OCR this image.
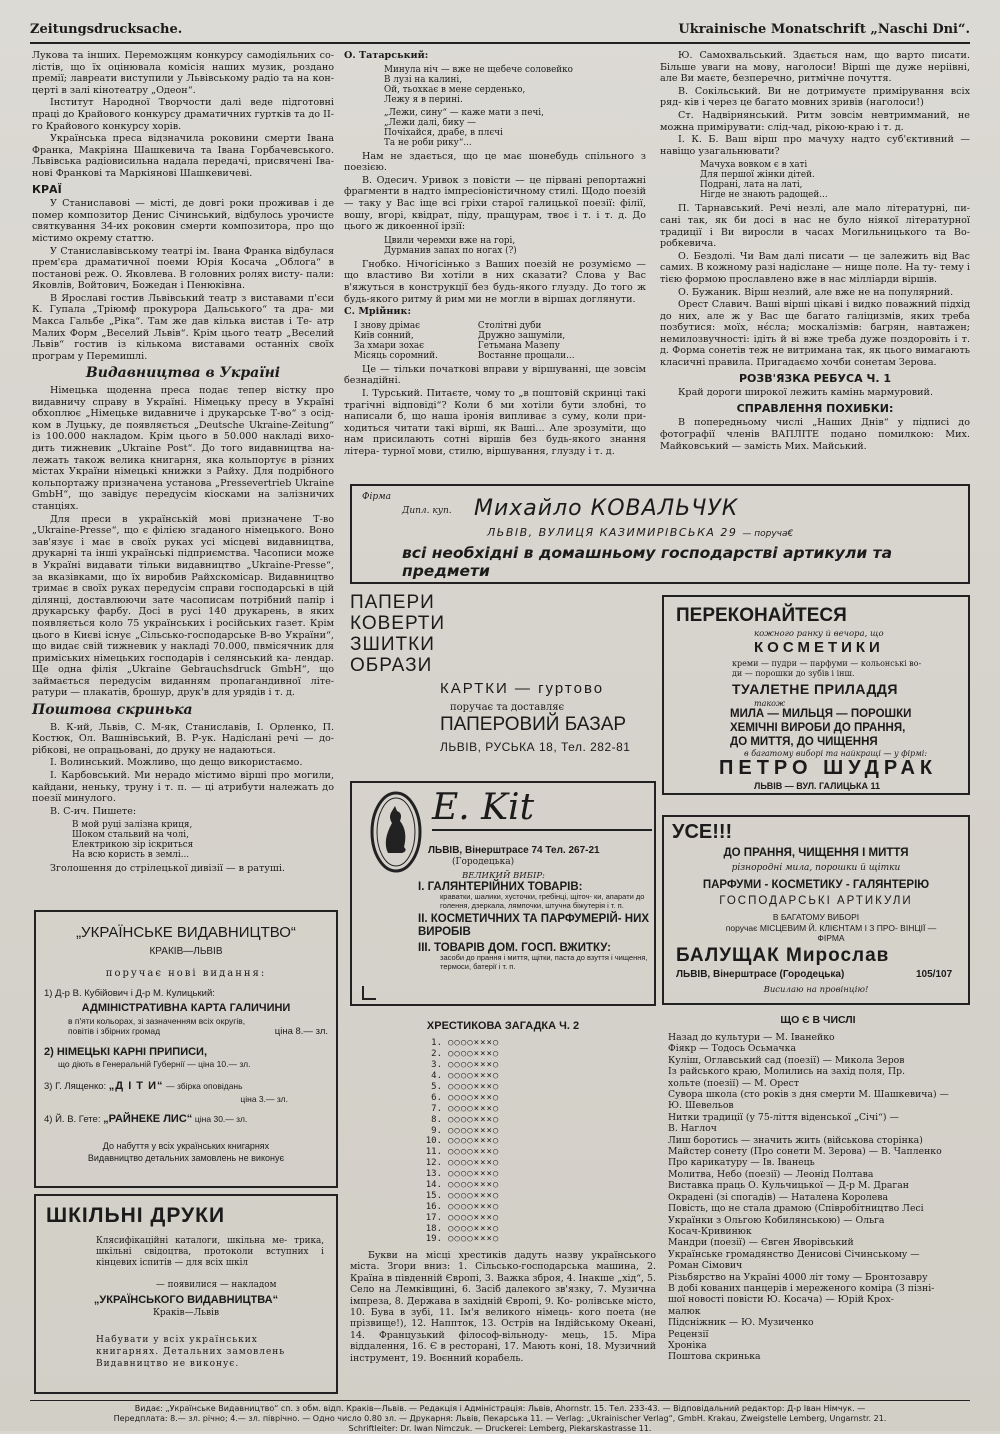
Zeitungsdrucksache.	Ukrainische Monatschrift „Naschi Dni“.

Лукова та інших. Переможцям конкурсу самодіяльних со- лістів, що їх оцінювала комісія наших музик, роздано премії; лавреати виступили у Львівському радіо та на кон- церті в залі кінотеатру „Одеон“.

Інститут Народної Творчости далі веде підготовні праці до Крайового конкурсу драматичних гуртків та до II-го Крайового конкурсу хорів.

Українська преса відзначила роковини смерти Івана Франка, Макріяна Шашкевича та Івана Горбачевського. Львівська радіовисильна надала передачі, присвячені Іва- нові Франкові та Маркіянові Шашкевичеві.

КРАЇ

У Станиславові — місті, де довгі роки проживав і де помер композитор Денис Січинський, відбулось урочисте святкування 34-их роковин смерти композитора, про що містимо окрему статтю.

У Станиславівському театрі ім. Івана Франка відбулася прем'єра драматичної поеми Юрія Косача „Облога“ в постанові реж. О. Яковлева. В головних ролях висту- пали: Яковлів, Войтович, Божедан і Пенюківна.

В Ярославі гостив Львівський театр з виставами п'єси К. Гупала „Тріюмф прокурора Дальського“ та дра- ми Макса Гальбе „Ріка“. Там же дав кілька вистав і Те- атр Малих Форм „Веселий Львів“. Крім цього театр „Веселий Львів“ гостив із кількома виставами останніх своїх програм у Перемишлі.

Видавництва в Україні

Німецька щоденна преса подає тепер вістку про видавничу справу в Україні. Німецьку пресу в Україні обхоплює „Німецьке видавниче і друкарське Т-во“ з осід- ком в Луцьку, де появляється „Deutsche Ukraine-Zeitung“ із 100.000 накладом. Крім цього в 50.000 накладі вихо- дить тижневик „Ukraine Post“. До того видавництва на- лежать також велика книгарня, яка кольпортує в різних містах України німецькі книжки з Райху. Для подрібного кольпортажу призначена установа „Pressevertrieb Ukraine GmbH“, що завідує передусім кіосками на залізничих станціях.

Для преси в українській мові призначене Т-во „Ukraine-Presse“, що є філією згаданого німецького. Воно зав'язує і має в своїх руках усі місцеві видавництва, друкарні та інші українські підприємства. Часописи може в Україні видавати тільки видавництво „Ukraine-Presse“, за вказівками, що їх виробив Райхскомісар. Видавництво тримає в своїх руках передусім справи господарські в цій ділянці, доставлюючи зате часописам потрібний папір і друкарську фарбу. Досі в русі 140 друкарень, в яких появляється коло 75 українських і російських газет. Крім цього в Києві існує „Сільсько-господарське В-во України“, що видає свій тижневик у накладі 70.000, пвмісячник для приміських німецьких господарів і селянський ка- лендар. Ще одна філія „Ukraine Gebrauchsdruck GmbH“, що займається передусім виданням пропагандивної літе- ратури — плакатів, брошур, друк'в для урядів і т. д.

Поштова скринька

В. К-ий, Львів, С. М-як, Станиславів, І. Орленко, П. Костюк, Ол. Вашнівський, В. Р-ук. Надіслані речі — до- рібкові, не опрацьовані, до друку не надаються.

І. Волинський. Можливо, що дещо використаємо.

І. Карбовський. Ми нерадо містимо вірші про могили, кайдани, неньку, труну і т. п. — ці атрибути належать до поезії минулого.

В. С-ич. Пишете:

В мой руці залізна криця,
Шоком стальвий на чолі,
Електрикою зір іскриться
На всю користь в землі...

Зголошення до стрілецької дивізії — в ратуші.

О. Татарський:

Минула ніч — вже не щебече соловейко
В лузі на калині,
Ой, тьохкає в мене серденько,
Лежу я в перині.
„Лежи, сину“ — каже мати з печі,
„Лежи далі, бику —
Почіхайся, драбе, в плєчі
Та не роби рику“...

Нам не здається, що це має шонебудь спільного з поезією.

В. Одесич. Уривок з повісти — це пірвані репортажні фрагменти в надто імпресіоністичному стилі. Щодо поезій — таку у Вас іще всі гріхи старої галицької поезії: філії, вошу, вгорі, квідрат, піду, пращурам, твоє і т. і т. д. До цього ж дикоенної ірзії:

Цвили черемхи вже на горі,
Дурманив запах по ногах (?)

Гнобко. Нічогісінько з Ваших поезій не розуміємо — що властиво Ви хотіли в них сказати? Слова у Вас в'яжуться в конструкції без будь-якого глузду. До того ж будь-якого ритму й рим ми не могли в віршах доглянути.

С. Мрійник:

І знову дрімає
Київ сонний,
За хмари зохає
Місяць соромний.
Столітні дуби
Дружно зашуміли,
Гетьмана Мазепу
Востанне прощали...

Це — тільки початкові вправи у віршуванні, ще зовсім безнадійні.

І. Турський. Питаєте, чому то „в поштовій скринці такі трагічні відповіді“? Коли б ми хотіли бути злобні, то написали б, що наша іронія випливає з суму, коли при- ходиться читати такі вірші, як Ваші... Але зрозуміти, що нам присилають сотні віршів без будь-якого знання літера- турної мови, стилю, віршування, глузду і т. д.

Ю. Самохвальський. Здається нам, що варто писати. Більше уваги на мову, наголоси! Вірші ще дуже неріівні, але Ви маєте, безперечно, ритмічне почуття.

В. Сокільський. Ви не дотримуєте примірування всіх ряд- ків і через це багато мовних зривів (наголоси!)

Ст. Надвірнянський. Ритм зовсім невтримманий, не можна примірувати: слід-чад, рікою-краю і т. д.

І. К. Б. Ваш вірш про мачуху надто суб'єктивний — навіщо узагальнювати?

Мачуха вовком є в хаті
Для першої жінки дітей.
Подрані, лата на латі,
Нігде не знають радощей...

П. Тарнавський. Речі незлі, але мало літературні, пи- сані так, як би досі в нас не було ніякої літературної традиції і Ви виросли в часах Могильницького та Во- робкевича.

О. Бездолі. Чи Вам далі писати — це залежить від Вас самих. В кожному разі надіслане — нище поле. На ту- тему і тією формою прославлено вже в нас мілліарди віршів.

О. Бужаник. Вірш незлий, але вже не на популярний.

Орест Славич. Ваші вірші цікаві і видко поважний підхід до них, але ж у Вас ще багато галіцизмів, яких треба позбутися: моїх, нє́сла; москалізмів: багрян, навтажен; немилозвучності: ідіть й ві вже треба дуже поздоровіть і т. д. Форма сонетів теж не витримана так, як цього вимагають класичні правила. Пригадаємо хочби сонетам Зерова.

РОЗВ'ЯЗКА РЕБУСА Ч. 1

Край дороги широкої лежить камінь мармуровий.

СПРАВЛЕННЯ ПОХИБКИ:

В попередньому числі „Наших Днів“ у підписі до фотографії членів ВАПЛІТЕ подано помилкою: Мих. Майковський — замість Мих. Майський.

Фірма
Дипл. куп. Михайло КОВАЛЬЧУК
ЛЬВІВ, ВУЛИЦЯ КАЗИМИРІВСЬКА 29 — поруча€
всі необхідні в домашньому господарстві артикули та предмети
ПАПЕРИ
КОВЕРТИ
ЗШИТКИ
ОБРАЗИ
КАРТКИ — гуртово
поручає та доставляє
ПАПЕРОВИЙ БАЗАР
ЛЬВІВ, РУСЬКА 18, Тел. 282-81
ПЕРЕКОНАЙТЕСЯ
кожного ранку й вечора, що
КОСМЕТИКИ
креми — пудри — парфуми — кольонські во-
ди — порошки до зубів і інш.
ТУАЛЕТНЕ ПРИЛАДДЯ
також
МИЛА — МИЛЬЦЯ — ПОРОШКИ
ХЕМІЧНІ ВИРОБИ ДО ПРАННЯ,
ДО МИТТЯ, ДО ЧИЩЕННЯ
в багатому виборі та найкращі — у фірмі:
ПЕТРО ШУДРАК
ЛЬВІВ — ВУЛ. ГАЛИЦЬКА 11
E. Kit
ЛЬВІВ, Вінерштрасе 74 Тел. 267-21
(Городецька)
ВЕЛИКИЙ ВИБІР:
І. ГАЛЯНТЕРІЙНИХ ТОВАРІВ:
краватки, шалики, хусточки, гребінці, щіточ- ки, апарати до голення, дзеркала, лямпочки, штучна біжутерія і т. п.
ІІ. КОСМЕТИЧНИХ ТА ПАРФУМЕРІЙ- НИХ ВИРОБІВ
ІІІ. ТОВАРІВ ДОМ. ГОСП. ВЖИТКУ:
засоби до прання і миття, щітки, паста до взуття і чищення, термоси, батерії і т. п.
УСЕ!!!
ДО ПРАННЯ, ЧИЩЕННЯ І МИТТЯ
різнородні мила, порошки й щітки
ПАРФУМИ - КОСМЕТИКУ - ГАЛЯНТЕРІЮ
ГОСПОДАРСЬКІ АРТИКУЛИ
В БАГАТОМУ ВИБОРІ
поручає МІСЦЕВИМ Й. КЛІЄНТАМ І З ПРО- ВІНЦІЇ — ФІРМА
БАЛУЩАК Мирослав
ЛЬВІВ, Вінерштрасе (Городецька)	105/107
Висилаю на провінцію!
„УКРАЇНСЬКЕ ВИДАВНИЦТВО“
КРАКІВ—ЛЬВІВ
поручає нові видання:
1) Д-р В. Кубійович і Д-р М. Кулицький:
АДМІНІСТРАТИВНА КАРТА ГАЛИЧИНИ
в п'яти кольорах, зі зазначенням всіх округів, повітів і збірних громад	ціна 8.— зл.
2) НІМЕЦЬКІ КАРНІ ПРИПИСИ,
що діють в Генеральній Губернії — ціна 10.— зл.
3) Г. Лященко: „Д І Т И“ — збірка оповідань
ціна 3.— зл.
4) Й. В. Гете: „РАЙНЕКЕ ЛИС“ ціна 30.— зл.
До набуття у всіх українських книгарнях
Видавництво детальних замовлень не виконує
ШКІЛЬНІ ДРУКИ
Клясифікаційні каталоги, шкільна ме- трика, шкільні свідоцтва, протоколи вступних і кінцевих іспитів — для всіх шкіл
— появилися — накладом
„УКРАЇНСЬКОГО ВИДАВНИЦТВА“
Краків—Львів
Набувати у всіх українських книгарнях. Детальних замовлень Видавництво не виконує.
ХРЕСТИКОВА ЗАГАДКА Ч. 2
1. ○○○○×××○
2. ○○○○×××○
3. ○○○○×××○
4. ○○○○×××○
5. ○○○○×××○
6. ○○○○×××○
7. ○○○○×××○
8. ○○○○×××○
9. ○○○○×××○
10. ○○○○×××○
11. ○○○○×××○
12. ○○○○×××○
13. ○○○○×××○
14. ○○○○×××○
15. ○○○○×××○
16. ○○○○×××○
17. ○○○○×××○
18. ○○○○×××○
19. ○○○○×××○
Букви на місці хрестиків дадуть назву українського міста. Згори вниз: 1. Сільсько-господарська машина, 2. Країна в південній Європі, 3. Важка зброя, 4. Інакше „хід“, 5. Село на Лемківщині, 6. Засіб далекого зв'язку, 7. Музична імпреза, 8. Держава в західній Європі, 9. Ко- ролівське місто, 10. Бува в зубі, 11. Ім'я великого німець- кого поета (не прізвище!), 12. Наппток, 13. Острів на Індійському Океані, 14. Французький філософ-вільноду- мець, 15. Міра віддалення, 16. Є в ресторані, 17. Мають коні, 18. Музичний інструмент, 19. Воєнний корабель.
ЩО Є В ЧИСЛІ
Назад до культури — М. Іванейко
Фіякр — Тодось Осьмачка
Куліш, Оглавський сад (поезії) — Микола Зеров
Із райського краю, Молились на захід поля, Пр.
хольте (поезії) — М. Орест
Сувора школа (сто років з дня смерти М. Шашкевича) —
Ю. Шевельов
Нитки традиції (у 75-ліття віденської „Січі“) —
В. Наглоч
Лиш боротись — значить жить (військова сторінка)
Майстер сонету (Про сонети М. Зерова) — В. Чапленко
Про карикатуру — Ів. Іванець
Молитва, Небо (поезії) — Леонід Полтава
Виставка праць О. Кульчицької — Д-р М. Драган
Окрадені (зі спогадів) — Наталена Королева
Повість, що не стала драмою (Співробітництво Лесі
Українки з Ольгою Кобилянською) — Ольга
Косач-Кривинюк
Мандри (поезії) — Євген Яворівський
Українське громадянство Денисові Січинському —
Роман Сімович
Різьбярство на Україні 4000 літ тому — Бронтозавру
В добі кованих панцерів і мереженого коміра (З пізні-
шої новості повісти Ю. Косача) — Юрій Крох-
малюк
Підсніжник — Ю. Музиченко
Рецензії
Хроніка
Поштова скринька
Видає: „Українське Видавництво“ сп. з обм. відп. Краків—Львів. — Редакція і Адміністрація: Львів, Ahornstr. 15. Тел. 233-43. — Відповідальний редактор: Д-р Іван Німчук. —
Передплата: 8.— зл. річно; 4.— зл. піврічно. — Одно число 0.80 зл. — Друкарня: Львів, Пекарська 11. — Verlag: „Ukrainischer Verlag“, GmbH. Krakau, Zweigstelle Lemberg, Ungarnstr. 21.
Schriftleiter: Dr. Iwan Nimczuk. — Druckerei: Lemberg, Piekarskastrasse 11.
